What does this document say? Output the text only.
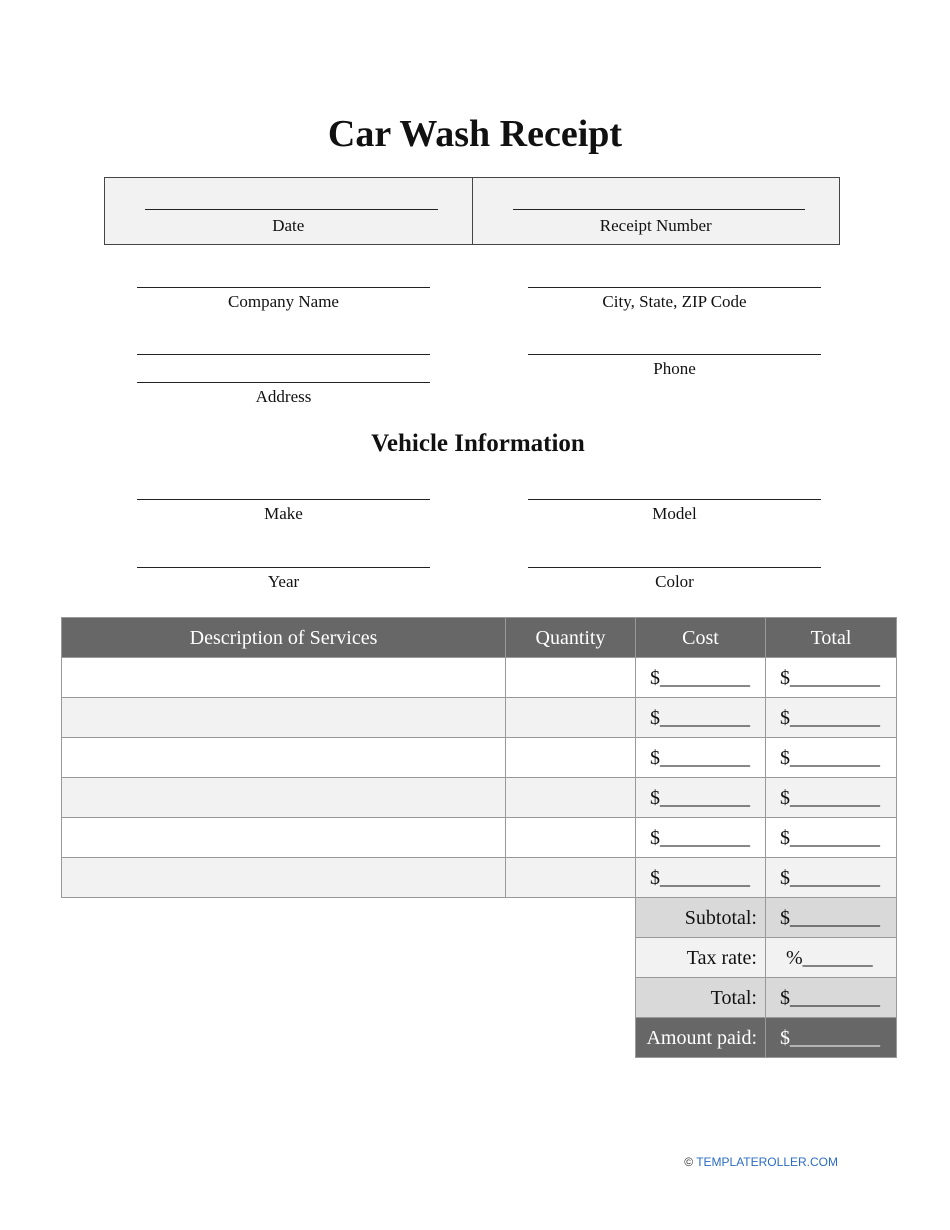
Car Wash Receipt
Date	Receipt Number
Company Name	City, State, ZIP Code
Phone
Address
Vehicle Information
Make	Model
Year	Color
Description of Services	Quantity	Cost	Total
		$_________	$_________
		$_________	$_________
		$_________	$_________
		$_________	$_________
		$_________	$_________
		$_________	$_________
		Subtotal:	$_________
		Tax rate:	%_______
		Total:	$_________
		Amount paid:	$_________
© TEMPLATEROLLER.COM
